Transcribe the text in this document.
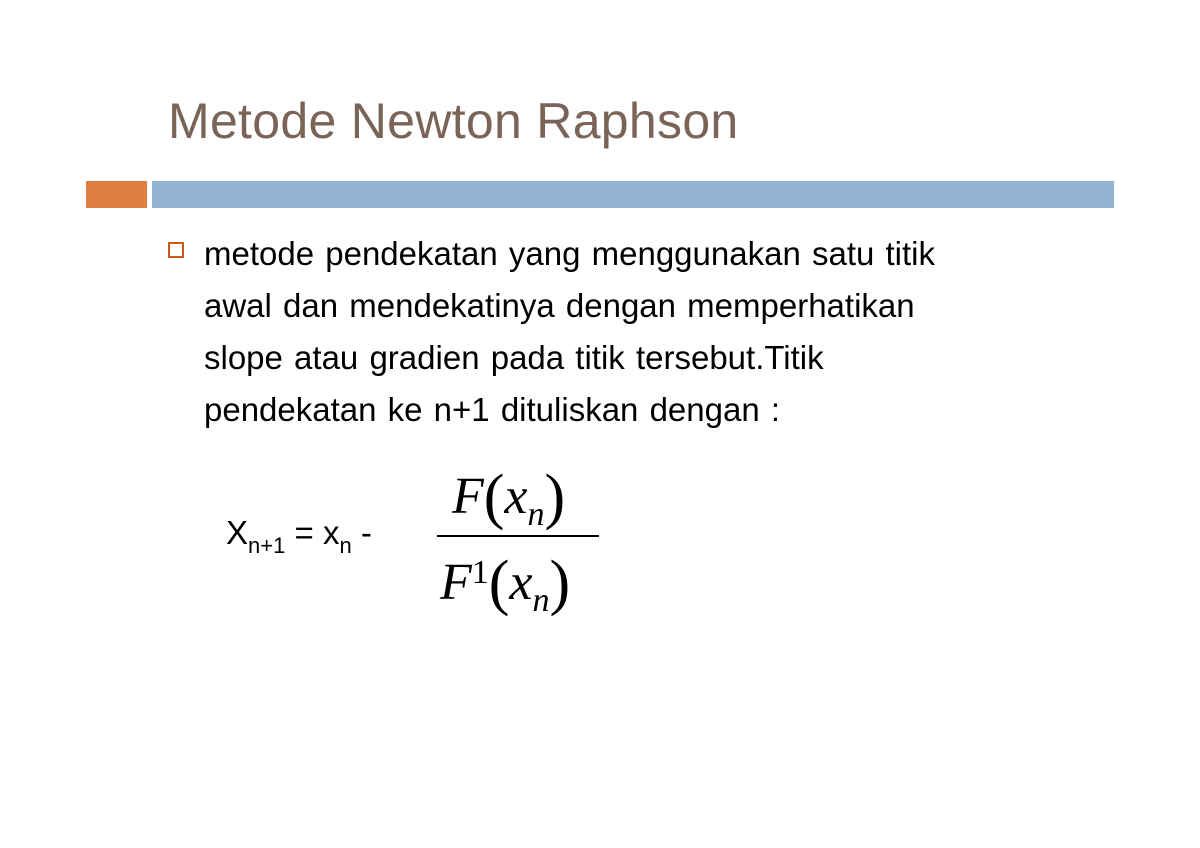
Metode Newton Raphson
metode pendekatan yang menggunakan satu titik
awal dan mendekatinya dengan memperhatikan
slope atau gradien pada titik tersebut.Titik
pendekatan ke n+1 dituliskan dengan :
$X_{n+1} = x_n$ -
$F(x_n)$
$F^1(x_n)$
